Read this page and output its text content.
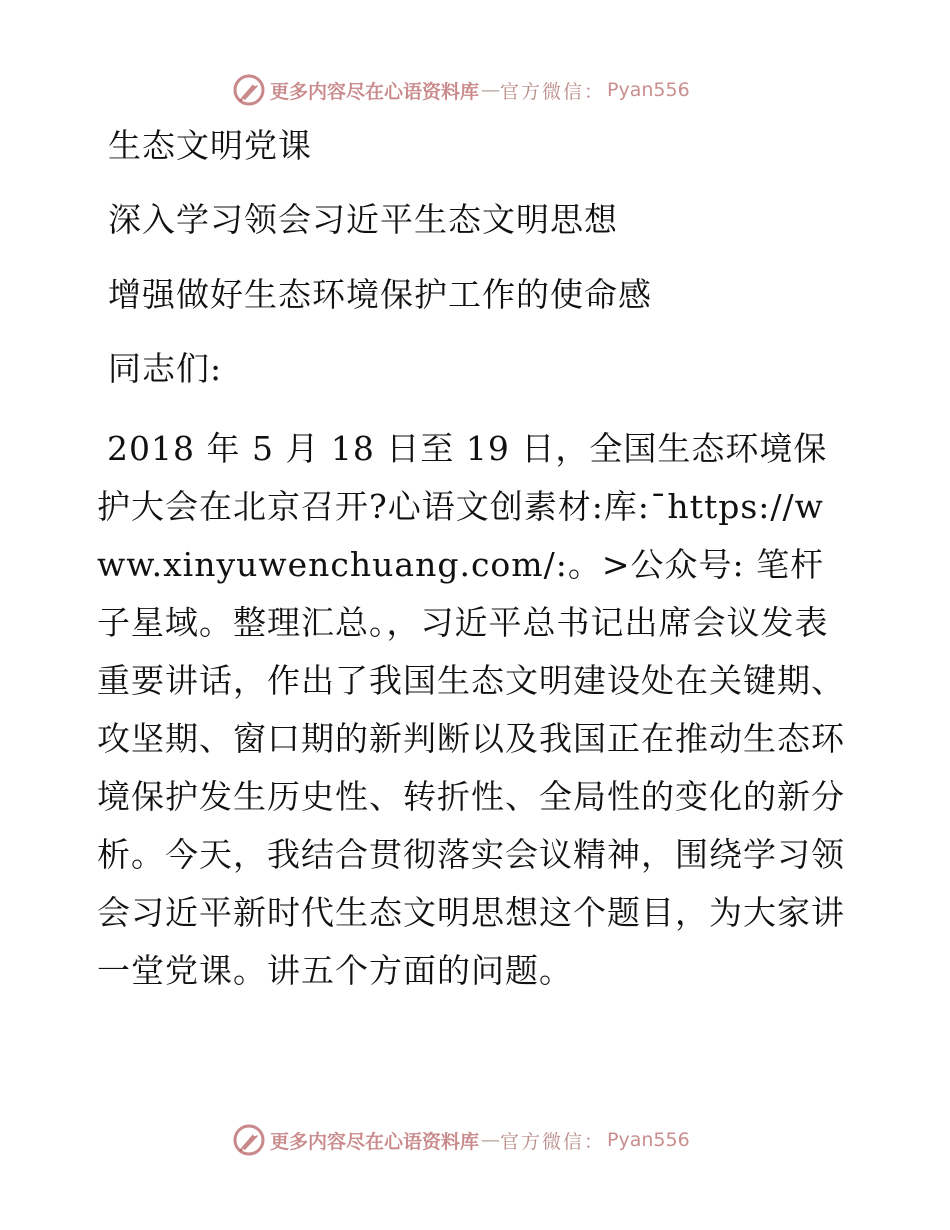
更多内容尽在心语资料库 — 官方微信： Pyan556
生态文明党课
深入学习领会习近平生态文明思想
增强做好生态环境保护工作的使命感
同志们:
2018 年 5 月 18 日至 19 日，全国生态环境保护大会在北京召开?心语文创素材:库:¯https://www.xinyuwenchuang.com/:。>公众号: 笔杆子星域。整理汇总。，习近平总书记出席会议发表重要讲话，作出了我国生态文明建设处在关键期、攻坚期、窗口期的新判断以及我国正在推动生态环境保护发生历史性、转折性、全局性的变化的新分析。今天，我结合贯彻落实会议精神，围绕学习领会习近平新时代生态文明思想这个题目，为大家讲一堂党课。讲五个方面的问题。
更多内容尽在心语资料库 — 官方微信： Pyan556
